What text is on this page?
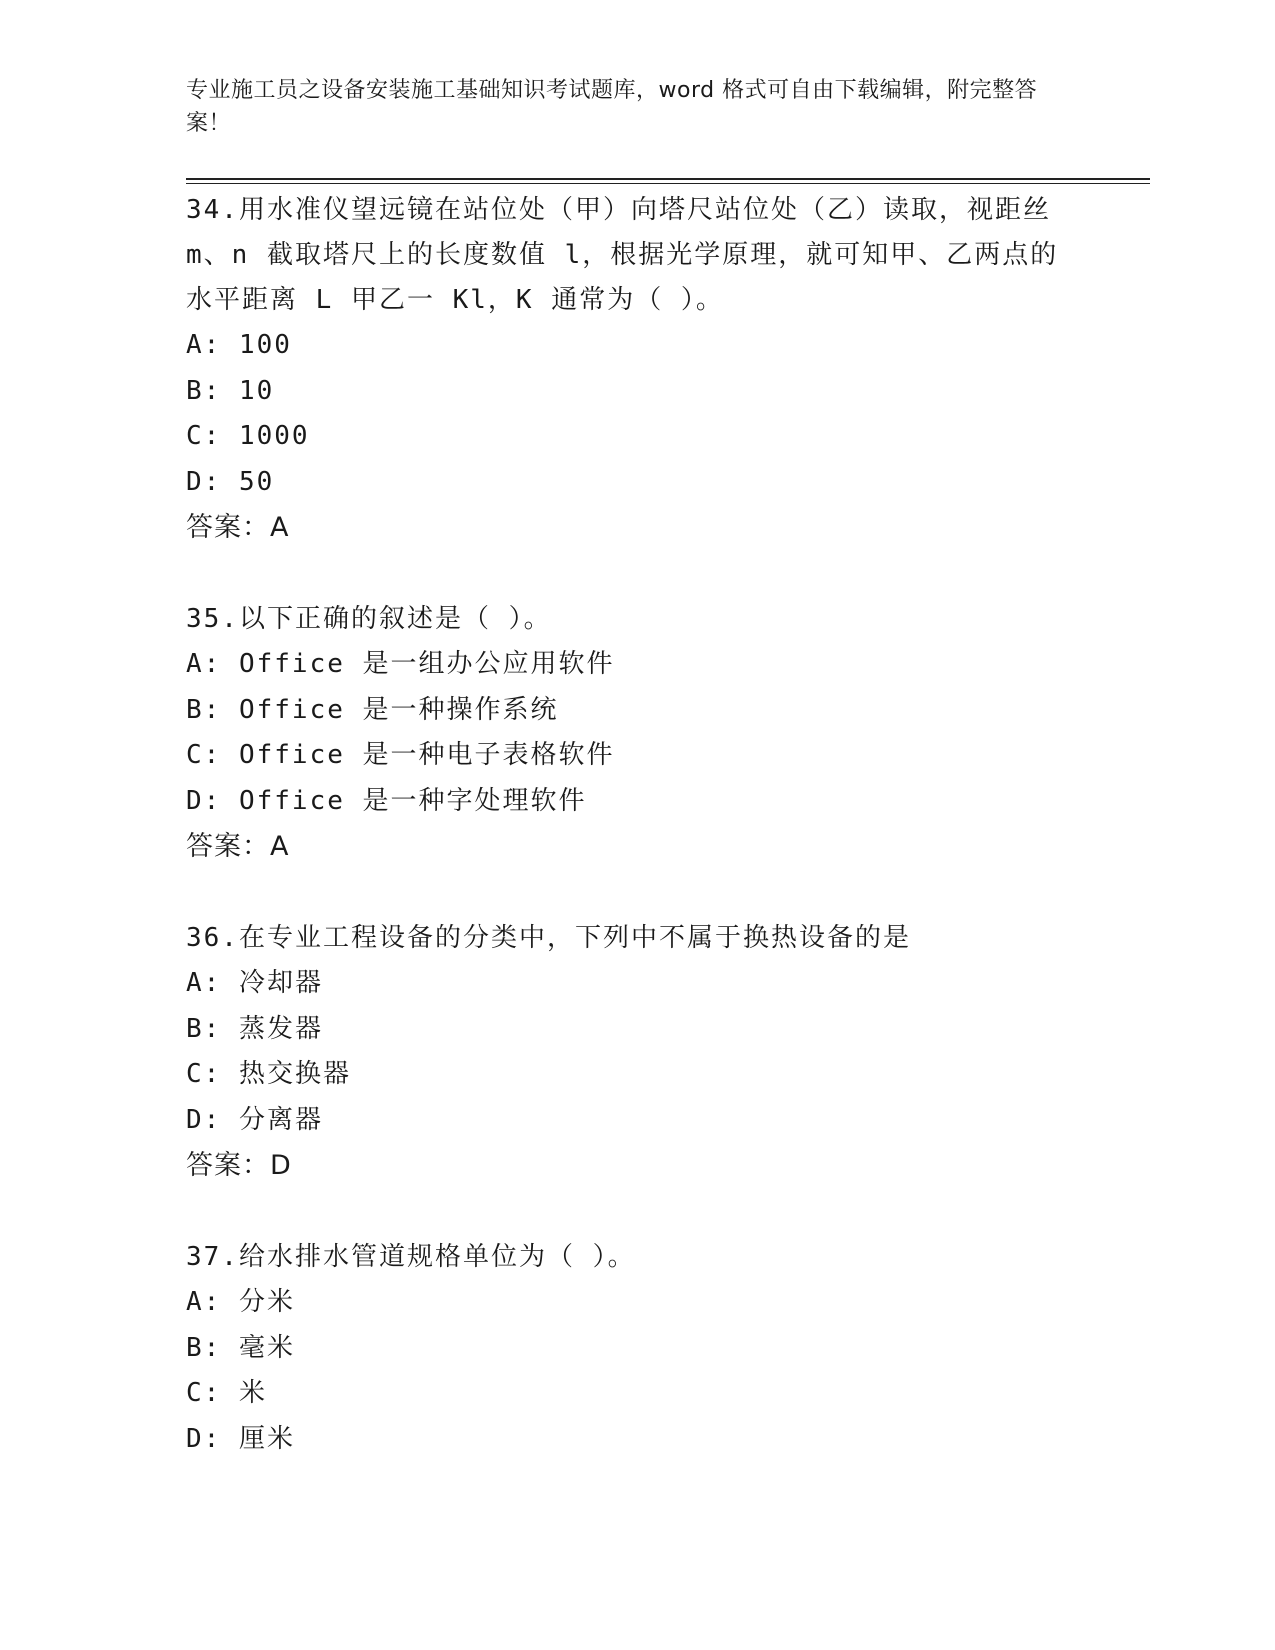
专业施工员之设备安装施工基础知识考试题库，word 格式可自由下载编辑，附完整答案！
34.用水准仪望远镜在站位处（甲）向塔尺站位处（乙）读取，视距丝m、n 截取塔尺上的长度数值 l，根据光学原理，就可知甲、乙两点的水平距离 L 甲乙一 Kl，K 通常为（ ）。
A: 100
B: 10
C: 1000
D: 50
答案：A
35.以下正确的叙述是（ ）。
A: Office 是一组办公应用软件
B: Office 是一种操作系统
C: Office 是一种电子表格软件
D: Office 是一种字处理软件
答案：A
36.在专业工程设备的分类中，下列中不属于换热设备的是
A: 冷却器
B: 蒸发器
C: 热交换器
D: 分离器
答案：D
37.给水排水管道规格单位为（ ）。
A: 分米
B: 毫米
C: 米
D: 厘米
